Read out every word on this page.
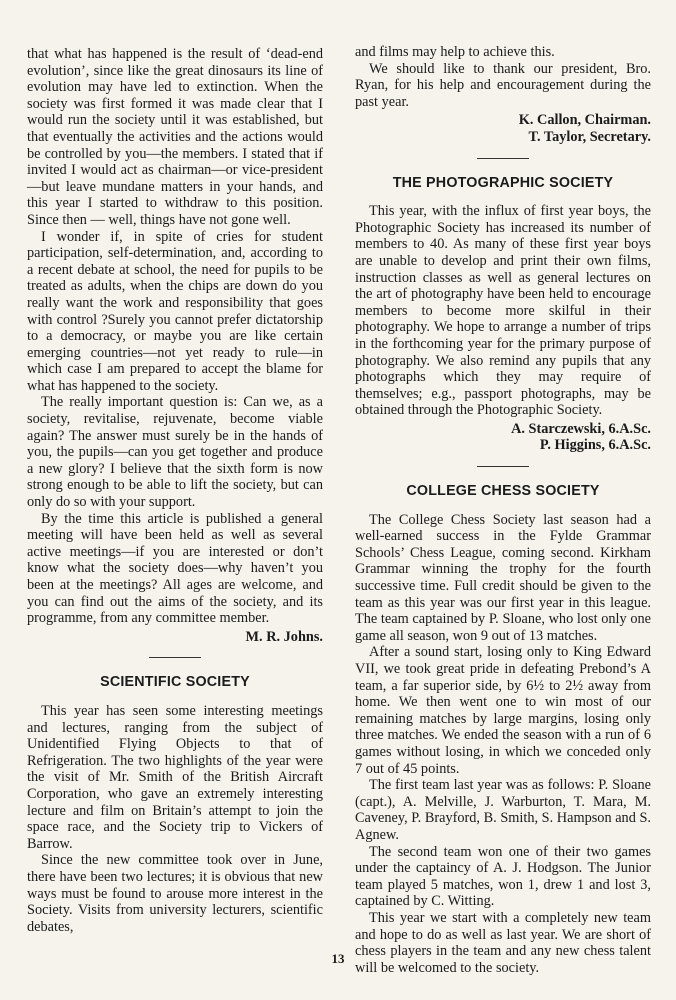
that what has happened is the result of ‘dead-end evolution’, since like the great dinosaurs its line of evolution may have led to extinction. When the society was first formed it was made clear that I would run the society until it was established, but that eventually the activities and the actions would be controlled by you—the members. I stated that if invited I would act as chairman—or vice-president—but leave mundane matters in your hands, and this year I started to withdraw to this position. Since then — well, things have not gone well.

I wonder if, in spite of cries for student participation, self-determination, and, according to a recent debate at school, the need for pupils to be treated as adults, when the chips are down do you really want the work and responsibility that goes with control ?Surely you cannot prefer dictatorship to a democracy, or maybe you are like certain emerging countries—not yet ready to rule—in which case I am prepared to accept the blame for what has happened to the society.

The really important question is: Can we, as a society, revitalise, rejuvenate, become viable again? The answer must surely be in the hands of you, the pupils—can you get together and produce a new glory? I believe that the sixth form is now strong enough to be able to lift the society, but can only do so with your support.

By the time this article is published a general meeting will have been held as well as several active meetings—if you are interested or don’t know what the society does—why haven’t you been at the meetings? All ages are welcome, and you can find out the aims of the society, and its programme, from any committee member.

M. R. Johns.
SCIENTIFIC SOCIETY

This year has seen some interesting meetings and lectures, ranging from the subject of Unidentified Flying Objects to that of Refrigeration. The two highlights of the year were the visit of Mr. Smith of the British Aircraft Corporation, who gave an extremely interesting lecture and film on Britain’s attempt to join the space race, and the Society trip to Vickers of Barrow.

Since the new committee took over in June, there have been two lectures; it is obvious that new ways must be found to arouse more interest in the Society. Visits from university lecturers, scientific debates,

and films may help to achieve this.

We should like to thank our president, Bro. Ryan, for his help and encouragement during the past year.

K. Callon, Chairman.
T. Taylor, Secretary.
THE PHOTOGRAPHIC SOCIETY

This year, with the influx of first year boys, the Photographic Society has increased its number of members to 40. As many of these first year boys are unable to develop and print their own films, instruction classes as well as general lectures on the art of photography have been held to encourage members to become more skilful in their photography. We hope to arrange a number of trips in the forthcoming year for the primary purpose of photography. We also remind any pupils that any photographs which they may require of themselves; e.g., passport photographs, may be obtained through the Photographic Society.

A. Starczewski, 6.A.Sc.
P. Higgins, 6.A.Sc.
COLLEGE CHESS SOCIETY

The College Chess Society last season had a well-earned success in the Fylde Grammar Schools’ Chess League, coming second. Kirkham Grammar winning the trophy for the fourth successive time. Full credit should be given to the team as this year was our first year in this league. The team captained by P. Sloane, who lost only one game all season, won 9 out of 13 matches.

After a sound start, losing only to King Edward VII, we took great pride in defeating Prebond’s A team, a far superior side, by 6½ to 2½ away from home. We then went one to win most of our remaining matches by large margins, losing only three matches. We ended the season with a run of 6 games without losing, in which we conceded only 7 out of 45 points.

The first team last year was as follows: P. Sloane (capt.), A. Melville, J. Warburton, T. Mara, M. Caveney, P. Brayford, B. Smith, S. Hampson and S. Agnew.

The second team won one of their two games under the captaincy of A. J. Hodgson. The Junior team played 5 matches, won 1, drew 1 and lost 3, captained by C. Witting.

This year we start with a completely new team and hope to do as well as last year. We are short of chess players in the team and any new chess talent will be welcomed to the society.

13
